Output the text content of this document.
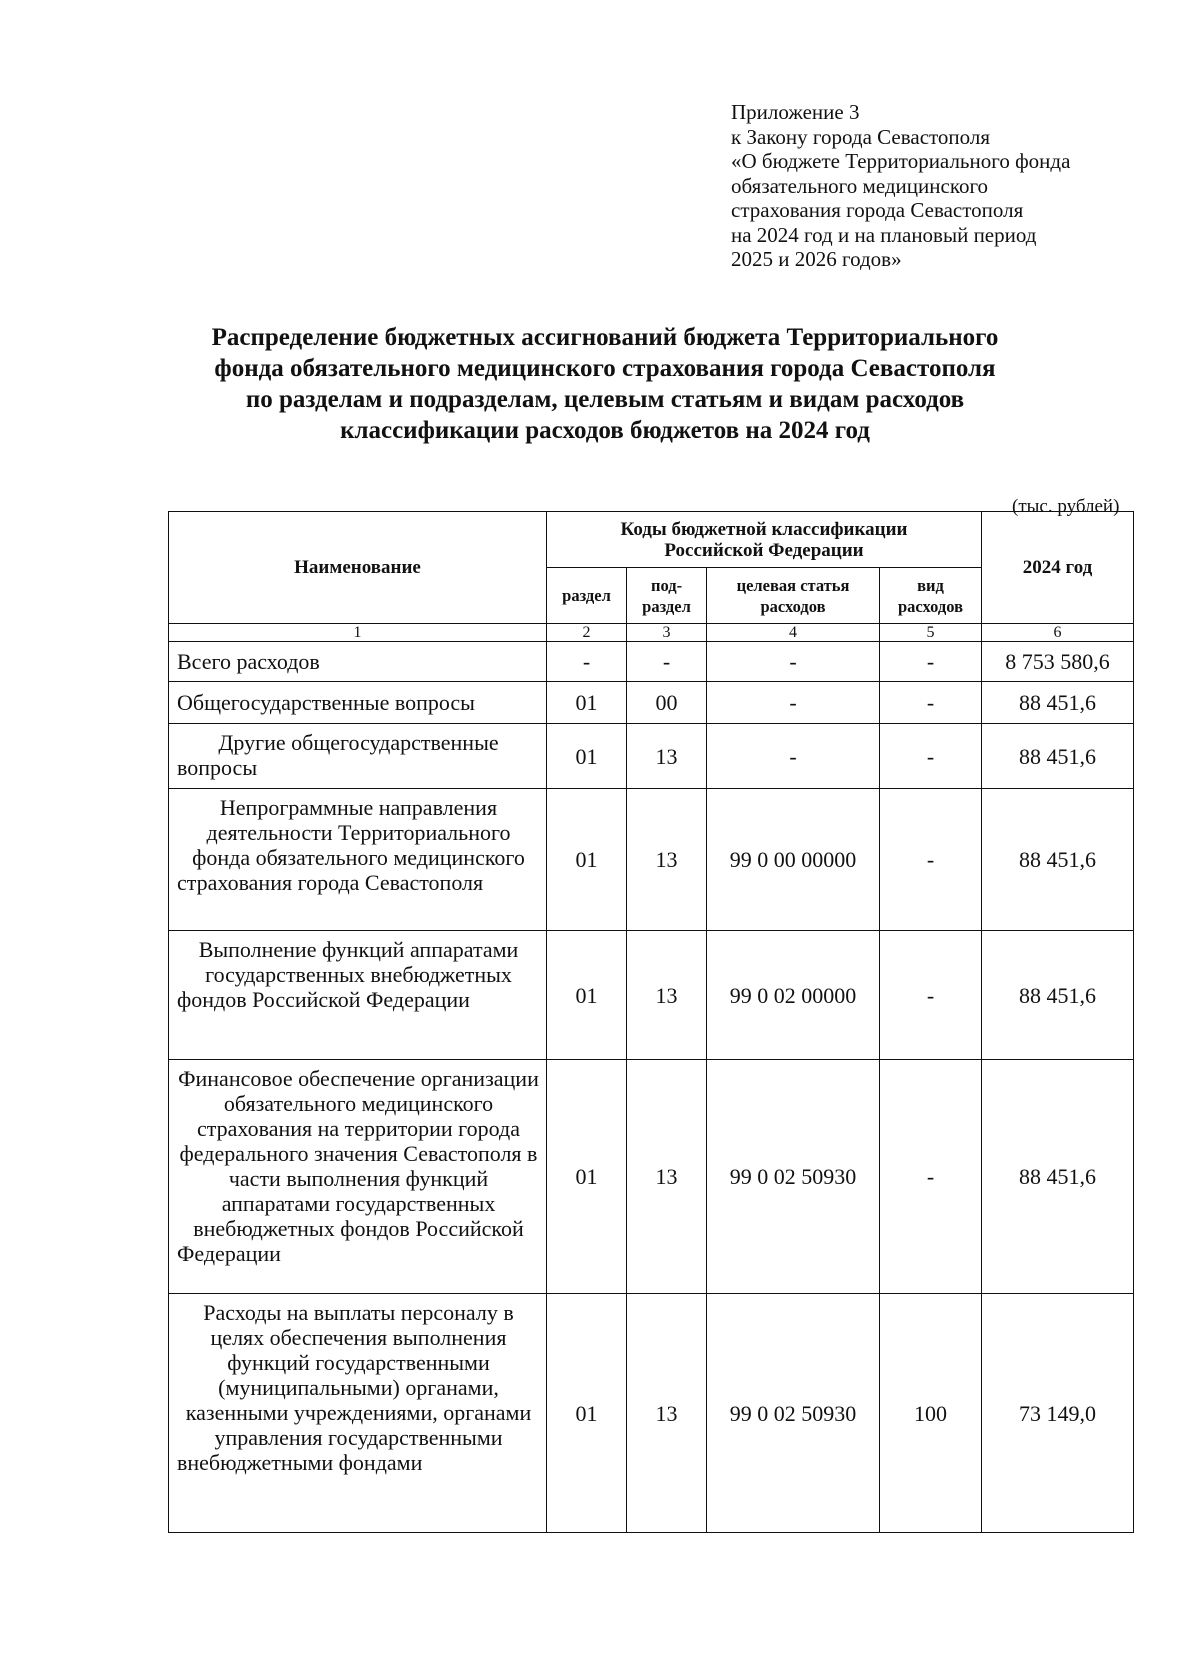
Приложение 3
к Закону города Севастополя
«О бюджете Территориального фонда
обязательного медицинского
страхования города Севастополя
на 2024 год и на плановый период
2025 и 2026 годов»
Распределение бюджетных ассигнований бюджета Территориального
фонда обязательного медицинского страхования города Севастополя
по разделам и подразделам, целевым статьям и видам расходов
классификации расходов бюджетов на 2024 год
(тыс. рублей)
Наименование	Коды бюджетной классификации Российской Федерации				2024 год
	раздел	под-раздел	целевая статья расходов	вид расходов	
1	2	3	4	5	6
Всего расходов	-	-	-	-	8 753 580,6
Общегосударственные вопросы	01	00	-	-	88 451,6
Другие общегосударственные вопросы	01	13	-	-	88 451,6
Непрограммные направления деятельности Территориального фонда обязательного медицинского страхования города Севастополя	01	13	99 0 00 00000	-	88 451,6
Выполнение функций аппаратами государственных внебюджетных фондов Российской Федерации	01	13	99 0 02 00000	-	88 451,6
Финансовое обеспечение организации обязательного медицинского страхования на территории города федерального значения Севастополя в части выполнения функций аппаратами государственных внебюджетных фондов Российской Федерации	01	13	99 0 02 50930	-	88 451,6
Расходы на выплаты персоналу в целях обеспечения выполнения функций государственными (муниципальными) органами, казенными учреждениями, органами управления государственными внебюджетными фондами	01	13	99 0 02 50930	100	73 149,0
